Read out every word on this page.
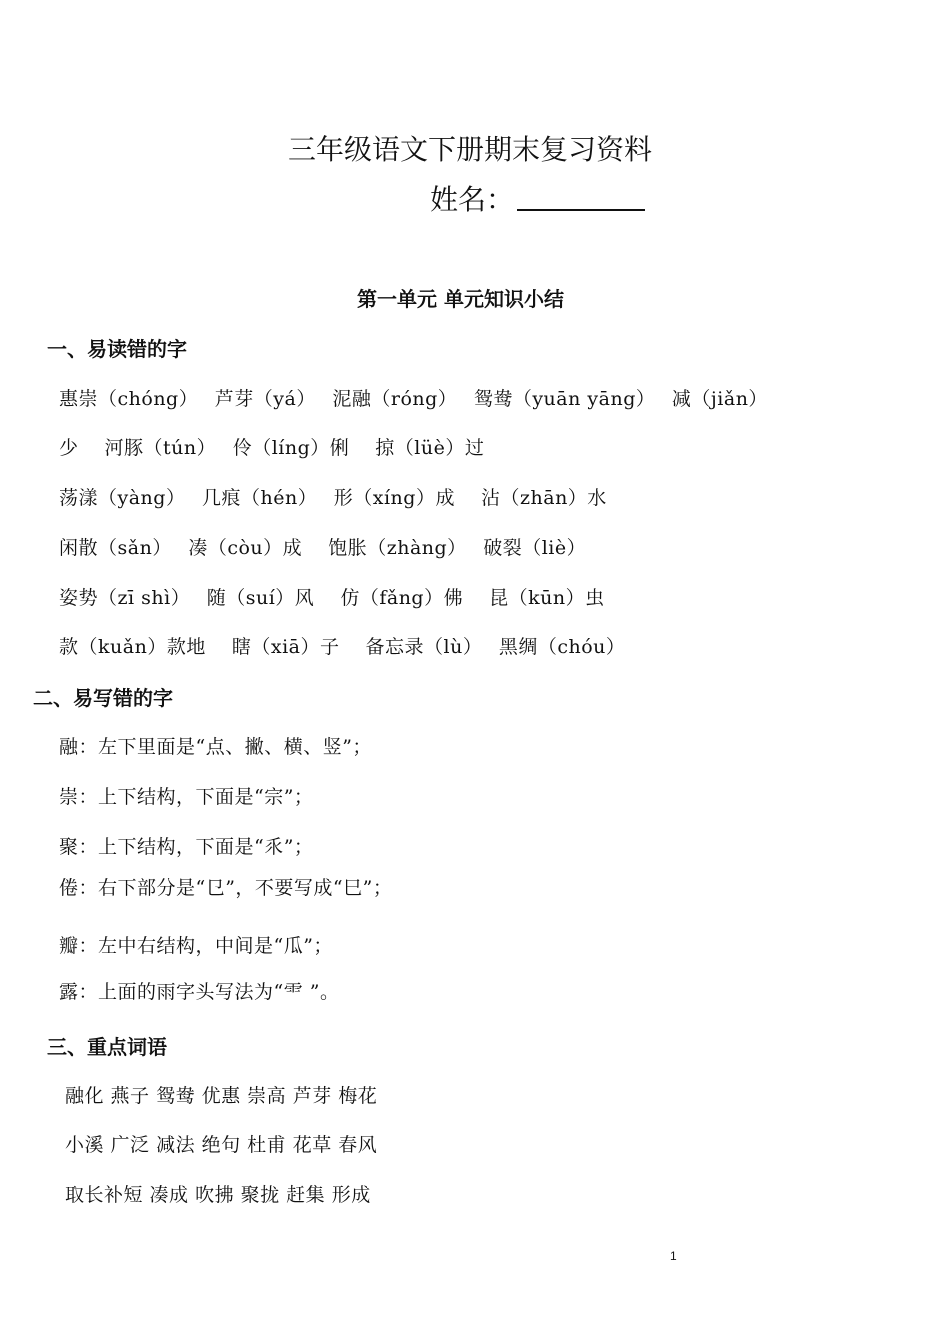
三年级语文下册期末复习资料
姓名：
第一单元 单元知识小结
一、易读错的字
惠崇（chóng）　 芦芽（yá）　 泥融（róng）　 鸳鸯（yuān yāng）　 减（jiǎn）
少　 河豚（tún）　 伶（líng）俐　 掠（lüè）过
荡漾（yàng）　 几痕（hén）　 形（xíng）成　 沾（zhān）水
闲散（sǎn）　 凑（còu）成　 饱胀（zhàng）　 破裂（liè）
姿势（zī shì）　 随（suí）风　 仿（fǎng）佛　 昆（kūn）虫
款（kuǎn）款地　 瞎（xiā）子　 备忘录（lù）　 黑绸（chóu）
二、易写错的字
融：左下里面是“点、撇、横、竖”；
崇：上下结构，下面是“宗”；
聚：上下结构，下面是“乑”；
倦：右下部分是“㔾”，不要写成“巳”；
瓣：左中右结构，中间是“瓜”；
露：上面的雨字头写法为“⻗ ”。
三、重点词语
融化 燕子 鸳鸯 优惠 崇高 芦芽 梅花
小溪 广泛 减法 绝句 杜甫 花草 春风
取长补短 凑成 吹拂 聚拢 赶集 形成
1
